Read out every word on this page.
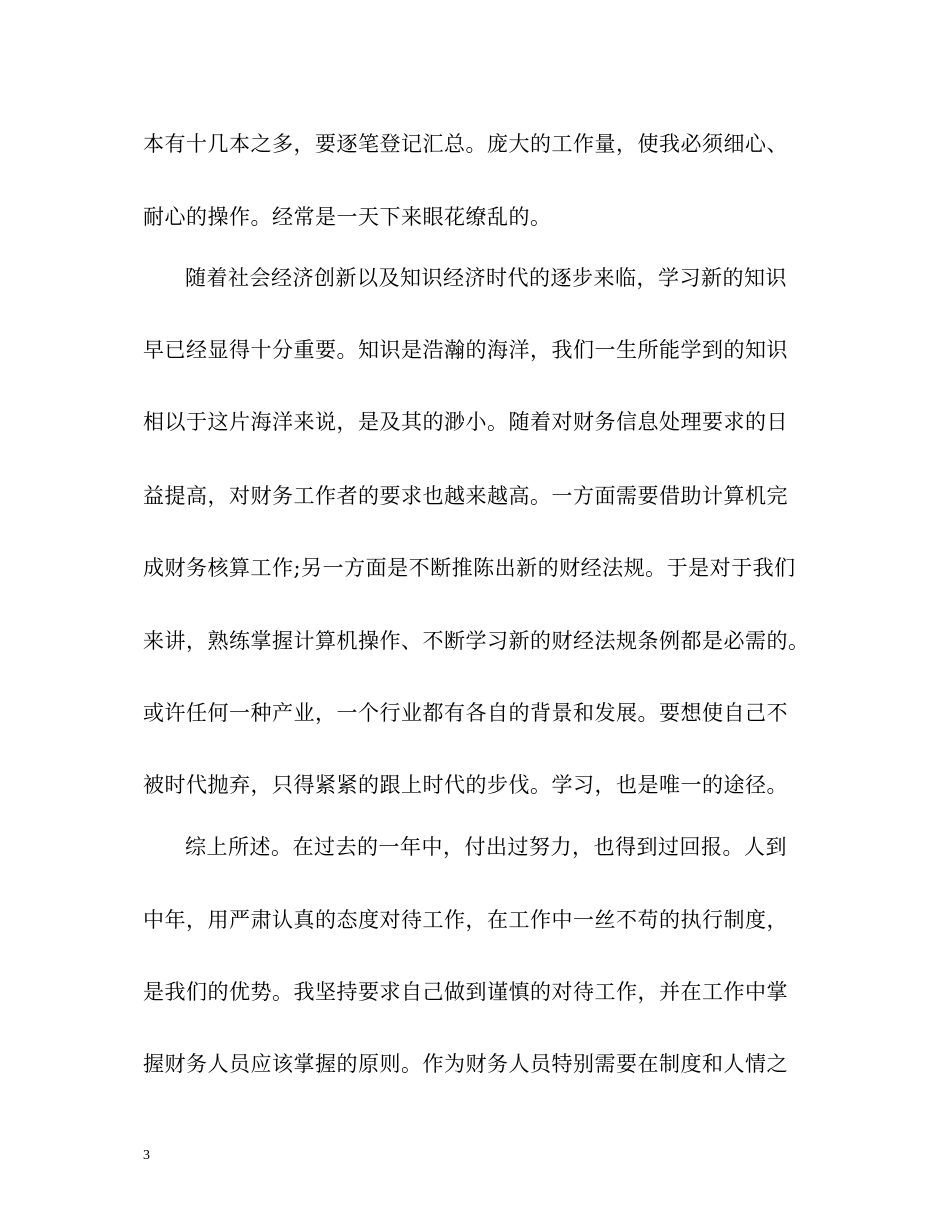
本有十几本之多，要逐笔登记汇总。庞大的工作量，使我必须细心、
耐心的操作。经常是一天下来眼花缭乱的。
随着社会经济创新以及知识经济时代的逐步来临，学习新的知识
早已经显得十分重要。知识是浩瀚的海洋，我们一生所能学到的知识
相以于这片海洋来说，是及其的渺小。随着对财务信息处理要求的日
益提高，对财务工作者的要求也越来越高。一方面需要借助计算机完
成财务核算工作;另一方面是不断推陈出新的财经法规。于是对于我们
来讲，熟练掌握计算机操作、不断学习新的财经法规条例都是必需的。
或许任何一种产业，一个行业都有各自的背景和发展。要想使自己不
被时代抛弃，只得紧紧的跟上时代的步伐。学习，也是唯一的途径。
综上所述。在过去的一年中，付出过努力，也得到过回报。人到
中年，用严肃认真的态度对待工作，在工作中一丝不苟的执行制度，
是我们的优势。我坚持要求自己做到谨慎的对待工作，并在工作中掌
握财务人员应该掌握的原则。作为财务人员特别需要在制度和人情之
3
